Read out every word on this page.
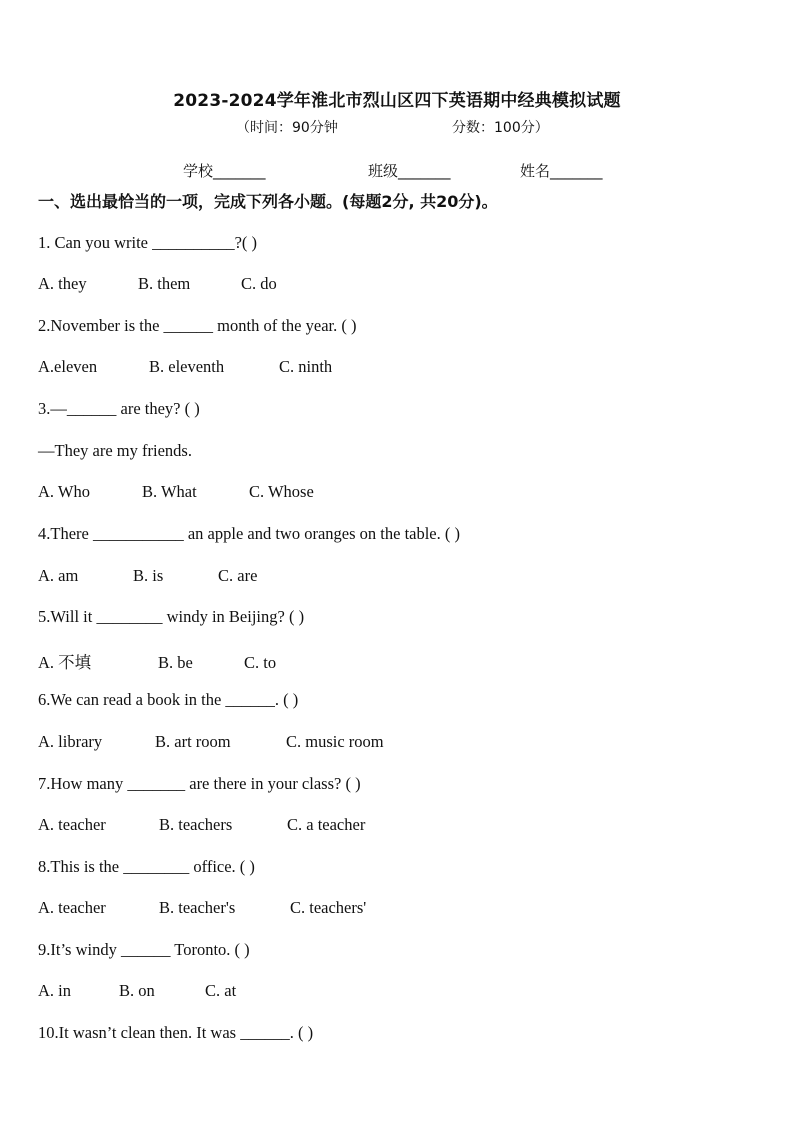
2023-2024学年淮北市烈山区四下英语期中经典模拟试题
（时间：90分钟	分数：100分）
学校_______	班级_______	姓名_______
一、选出最恰当的一项，完成下列各小题。(每题2分, 共20分)。
1. Can you write __________?( )
A. they	B. them	C. do
2.November is the ______ month of the year. ( )
A.eleven	B. eleventh	C. ninth
3.—______ are they? ( )
—They are my friends.
A. Who	B. What	C. Whose
4.There ___________ an apple and two oranges on the table. ( )
A. am	B. is	C. are
5.Will it ________ windy in Beijing? ( )
A. 不填	B. be	C. to
6.We can read a book in the ______. ( )
A. library	B. art room	C. music room
7.How many _______ are there in your class? ( )
A. teacher	B. teachers	C. a teacher
8.This is the ________ office. ( )
A. teacher	B. teacher's	C. teachers'
9.It’s windy ______ Toronto. ( )
A. in	B. on	C. at
10.It wasn’t clean then. It was ______. ( )
